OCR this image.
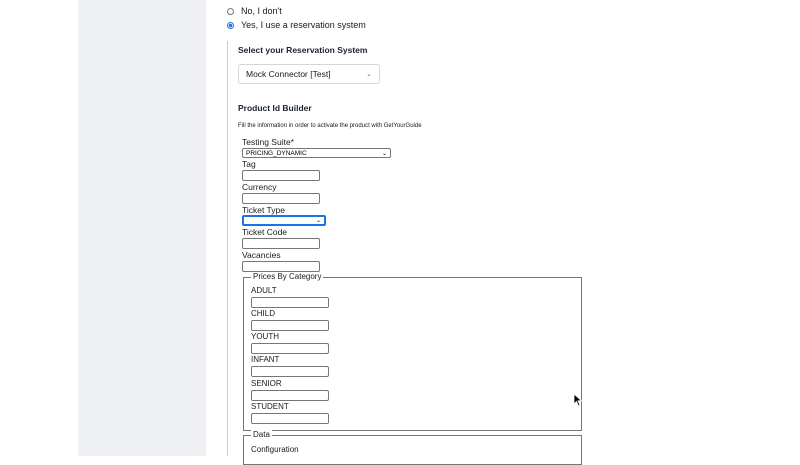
No, I don't
Yes, I use a reservation system
Select your Reservation System
Mock Connector [Test]	⌄
Product Id Builder
Fill the information in order to activate the product with GetYourGuide
Testing Suite*
PRICING_DYNAMIC	⌄
Tag
Currency
Ticket Type
⌄
Ticket Code
Vacancies
Prices By Category
ADULT
CHILD
YOUTH
INFANT
SENIOR
STUDENT
Data
Configuration
